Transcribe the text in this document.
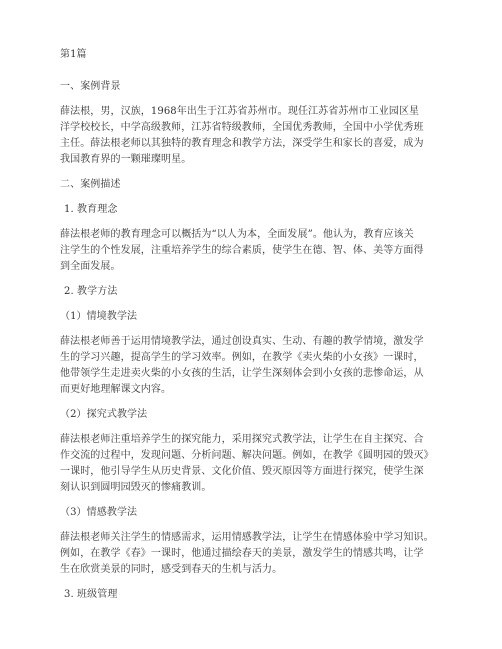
第1篇
一、案例背景
薛法根，男，汉族，1968年出生于江苏省苏州市。现任江苏省苏州市工业园区星
洋学校校长，中学高级教师，江苏省特级教师，全国优秀教师，全国中小学优秀班
主任。薛法根老师以其独特的教育理念和教学方法，深受学生和家长的喜爱，成为
我国教育界的一颗璀璨明星。
二、案例描述
1. 教育理念
薛法根老师的教育理念可以概括为“以人为本，全面发展”。他认为，教育应该关
注学生的个性发展，注重培养学生的综合素质，使学生在德、智、体、美等方面得
到全面发展。
2. 教学方法
（1）情境教学法
薛法根老师善于运用情境教学法，通过创设真实、生动、有趣的教学情境，激发学
生的学习兴趣，提高学生的学习效率。例如，在教学《卖火柴的小女孩》一课时，
他带领学生走进卖火柴的小女孩的生活，让学生深刻体会到小女孩的悲惨命运，从
而更好地理解课文内容。
（2）探究式教学法
薛法根老师注重培养学生的探究能力，采用探究式教学法，让学生在自主探究、合
作交流的过程中，发现问题、分析问题、解决问题。例如，在教学《圆明园的毁灭》
一课时，他引导学生从历史背景、文化价值、毁灭原因等方面进行探究，使学生深
刻认识到圆明园毁灭的惨痛教训。
（3）情感教学法
薛法根老师关注学生的情感需求，运用情感教学法，让学生在情感体验中学习知识。
例如，在教学《春》一课时，他通过描绘春天的美景，激发学生的情感共鸣，让学
生在欣赏美景的同时，感受到春天的生机与活力。
3. 班级管理
